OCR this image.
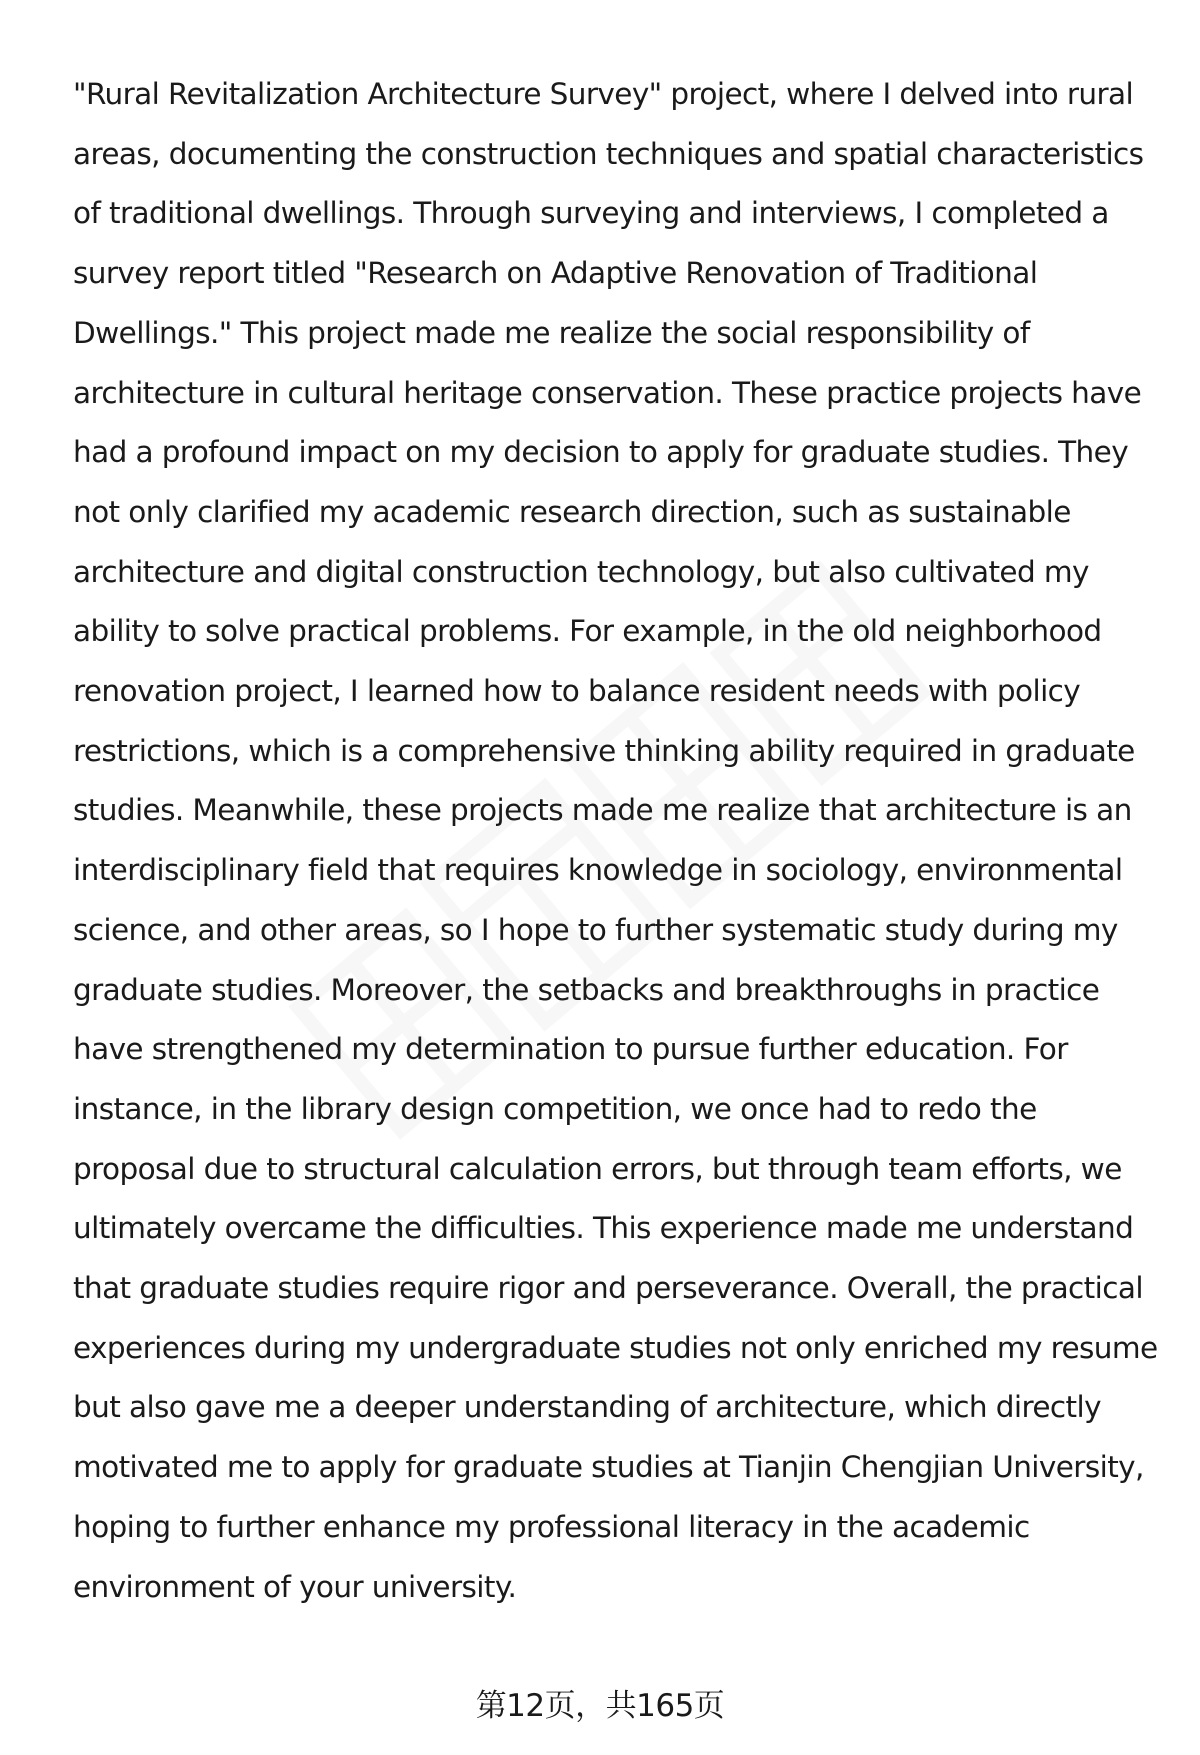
"Rural Revitalization Architecture Survey" project, where I delved into rural
areas, documenting the construction techniques and spatial characteristics
of traditional dwellings. Through surveying and interviews, I completed a
survey report titled "Research on Adaptive Renovation of Traditional
Dwellings." This project made me realize the social responsibility of
architecture in cultural heritage conservation. These practice projects have
had a profound impact on my decision to apply for graduate studies. They
not only clarified my academic research direction, such as sustainable
architecture and digital construction technology, but also cultivated my
ability to solve practical problems. For example, in the old neighborhood
renovation project, I learned how to balance resident needs with policy
restrictions, which is a comprehensive thinking ability required in graduate
studies. Meanwhile, these projects made me realize that architecture is an
interdisciplinary field that requires knowledge in sociology, environmental
science, and other areas, so I hope to further systematic study during my
graduate studies. Moreover, the setbacks and breakthroughs in practice
have strengthened my determination to pursue further education. For
instance, in the library design competition, we once had to redo the
proposal due to structural calculation errors, but through team efforts, we
ultimately overcame the difficulties. This experience made me understand
that graduate studies require rigor and perseverance. Overall, the practical
experiences during my undergraduate studies not only enriched my resume
but also gave me a deeper understanding of architecture, which directly
motivated me to apply for graduate studies at Tianjin Chengjian University,
hoping to further enhance my professional literacy in the academic
environment of your university.

第12页，共165页
